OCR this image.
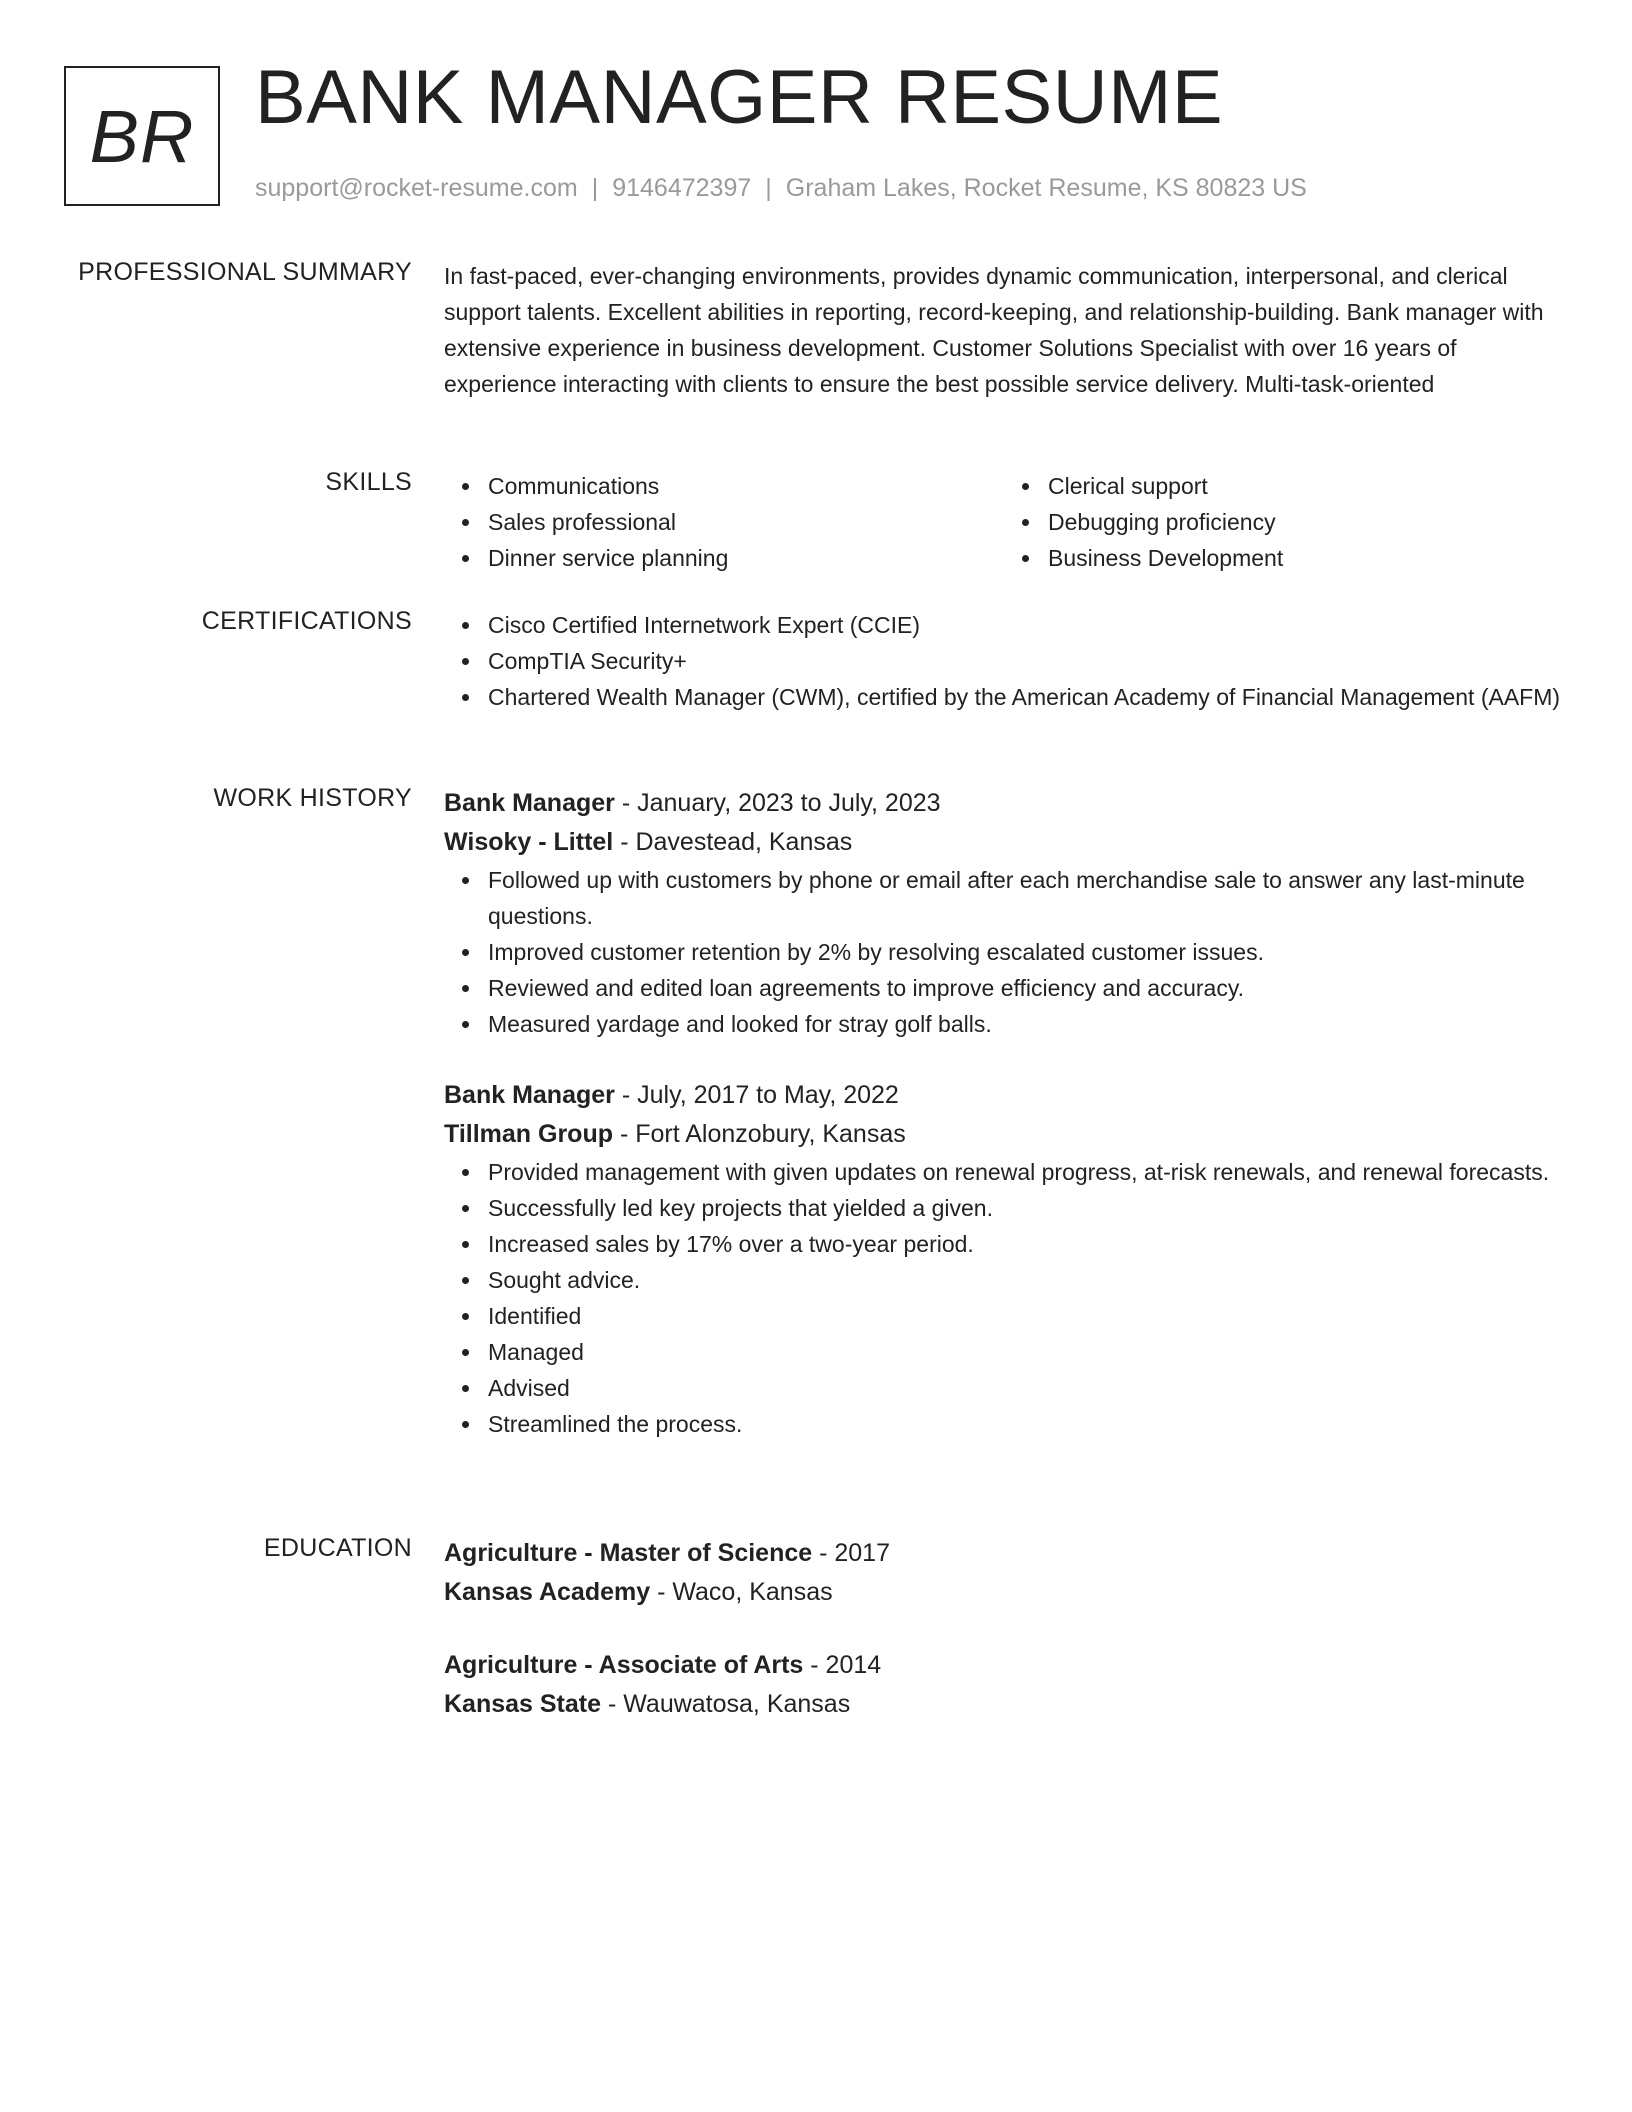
BR BANK MANAGER RESUME
support@rocket-resume.com | 9146472397 | Graham Lakes, Rocket Resume, KS 80823 US
PROFESSIONAL SUMMARY In fast-paced, ever-changing environments, provides dynamic communication, interpersonal, and clerical support talents. Excellent abilities in reporting, record-keeping, and relationship-building. Bank manager with extensive experience in business development. Customer Solutions Specialist with over 16 years of experience interacting with clients to ensure the best possible service delivery. Multi-task-oriented

SKILLS	Communications
Sales professional
Dinner service planning
Clerical support
Debugging proficiency
Business Development
CERTIFICATIONS	Cisco Certified Internetwork Expert (CCIE)
CompTIA Security+
Chartered Wealth Manager (CWM), certified by the American Academy of Financial Management (AAFM)
WORK HISTORY Bank Manager - January, 2023 to July, 2023
Wisoky - Littel - Davestead, Kansas
Followed up with customers by phone or email after each merchandise sale to answer any last-minute questions.
Improved customer retention by 2% by resolving escalated customer issues.
Reviewed and edited loan agreements to improve efficiency and accuracy.
Measured yardage and looked for stray golf balls.
Bank Manager - July, 2017 to May, 2022
Tillman Group - Fort Alonzobury, Kansas
Provided management with given updates on renewal progress, at-risk renewals, and renewal forecasts.
Successfully led key projects that yielded a given.
Increased sales by 17% over a two-year period.
Sought advice.
Identified
Managed
Advised
Streamlined the process.
EDUCATION Agriculture - Master of Science - 2017
Kansas Academy - Waco, Kansas
Agriculture - Associate of Arts - 2014
Kansas State - Wauwatosa, Kansas
